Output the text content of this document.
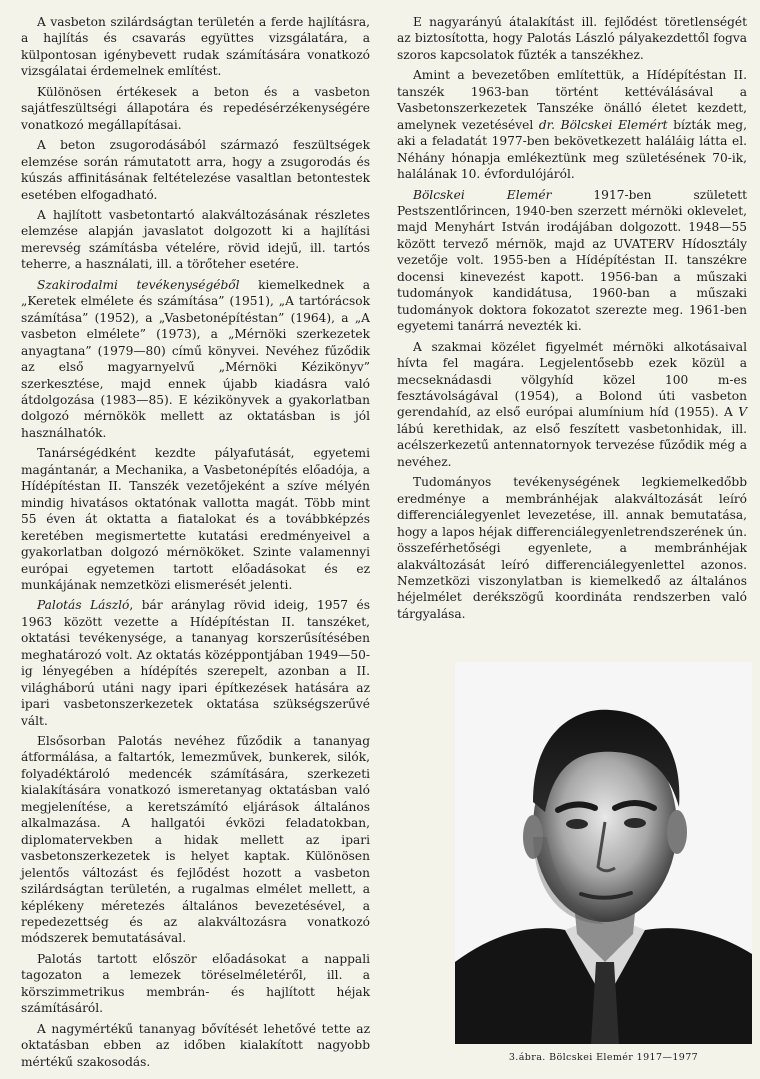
A vasbeton szilárdságtan területén a ferde hajlításra, a hajlítás és csavarás együttes vizsgálatára, a külpontosan igénybevett rudak számítására vonatkozó vizsgálatai érdemelnek említést.

Különösen értékesek a beton és a vasbeton sajátfeszültségi állapotára és repedésérzékenységére vonatkozó megállapításai.

A beton zsugorodásából származó feszültségek elemzése során rámutatott arra, hogy a zsugorodás és kúszás affinitásának feltételezése vasaltlan betontestek esetében elfogadható.

A hajlított vasbetontartó alakváltozásának részletes elemzése alapján javaslatot dolgozott ki a hajlítási merevség számításba vételére, rövid idejű, ill. tartós teherre, a használati, ill. a törőteher esetére.

Szakirodalmi tevékenységéből kiemelkednek a „Keretek elmélete és számítása” (1951), „A tartórácsok számítása” (1952), a „Vasbetonépítéstan” (1964), a „A vasbeton elmélete” (1973), a „Mérnöki szerkezetek anyagtana” (1979—80) című könyvei. Nevéhez fűződik az első magyarnyelvű „Mérnöki Kézikönyv” szerkesztése, majd ennek újabb kiadásra való átdolgozása (1983—85). E kézikönyvek a gyakorlatban dolgozó mérnökök mellett az oktatásban is jól használhatók.

Tanárségédként kezdte pályafutását, egyetemi magántanár, a Mechanika, a Vasbetonépítés előadója, a Hídépítéstan II. Tanszék vezetőjeként a szíve mélyén mindig hivatásos oktatónak vallotta magát. Több mint 55 éven át oktatta a fiatalokat és a továbbképzés keretében megismertette kutatási eredményeivel a gyakorlatban dolgozó mérnököket. Szinte valamennyi európai egyetemen tartott előadásokat és ez munkájának nemzetközi elismerését jelenti.

Palotás László, bár aránylag rövid ideig, 1957 és 1963 között vezette a Hídépítéstan II. tanszéket, oktatási tevékenysége, a tananyag korszerűsítésében meghatározó volt. Az oktatás középpontjában 1949—50-ig lényegében a hídépítés szerepelt, azonban a II. világháború utáni nagy ipari építkezések hatására az ipari vasbetonszerkezetek oktatása szükségszerűvé vált.

Elsősorban Palotás nevéhez fűződik a tananyag átformálása, a faltartók, lemezművek, bunkerek, silók, folyadéktároló medencék számítására, szerkezeti kialakítására vonatkozó ismeretanyag oktatásban való megjelenítése, a keretszámító eljárások általános alkalmazása. A hallgatói évközi feladatokban, diplomatervekben a hidak mellett az ipari vasbetonszerkezetek is helyet kaptak. Különösen jelentős változást és fejlődést hozott a vasbeton szilárdságtan területén, a rugalmas elmélet mellett, a képlékeny méretezés általános bevezetésével, a repedezettség és az alakváltozásra vonatkozó módszerek bemutatásával.

Palotás tartott először előadásokat a nappali tagozaton a lemezek töréselméletéről, ill. a körszimmetrikus membrán- és hajlított héjak számításáról.

A nagymértékű tananyag bővítését lehetővé tette az oktatásban ebben az időben kialakított nagyobb mértékű szakosodás.

E nagyarányú átalakítást ill. fejlődést töretlenségét az biztosította, hogy Palotás László pályakezdettől fogva szoros kapcsolatok fűzték a tanszékhez.

Amint a bevezetőben említettük, a Hídépítéstan II. tanszék 1963-ban történt kettéválásával a Vasbetonszerkezetek Tanszéke önálló életet kezdett, amelynek vezetésével dr. Bölcskei Elemért bízták meg, aki a feladatát 1977-ben bekövetkezett haláláig látta el. Néhány hónapja emlékeztünk meg születésének 70-ik, halálának 10. évfordulójáról.

Bölcskei Elemér 1917-ben született Pestszentlőrincen, 1940-ben szerzett mérnöki oklevelet, majd Menyhárt István irodájában dolgozott. 1948—55 között tervező mérnök, majd az UVATERV Hídosztály vezetője volt. 1955-ben a Hídépítéstan II. tanszékre docensi kinevezést kapott. 1956-ban a műszaki tudományok kandidátusa, 1960-ban a műszaki tudományok doktora fokozatot szerezte meg. 1961-ben egyetemi tanárrá nevezték ki.

A szakmai közélet figyelmét mérnöki alkotásaival hívta fel magára. Legjelentősebb ezek közül a mecseknádasdi völgyhíd közel 100 m-es fesztávolságával (1954), a Bolond úti vasbeton gerendahíd, az első európai alumínium híd (1955). A V lábú kerethidak, az első feszített vasbetonhidak, ill. acélszerkezetű antennatornyok tervezése fűződik még a nevéhez.

Tudományos tevékenységének legkiemelkedőbb eredménye a membránhéjak alakváltozását leíró differenciálegyenlet levezetése, ill. annak bemutatása, hogy a lapos héjak differenciálegyenletrendszerének ún. összeférhetőségi egyenlete, a membránhéjak alakváltozását leíró differenciálegyenlettel azonos. Nemzetközi viszonylatban is kiemelkedő az általános héjelmélet derékszögű koordináta rendszerben való tárgyalása.

3.ábra. Bölcskei Elemér 1917—1977
